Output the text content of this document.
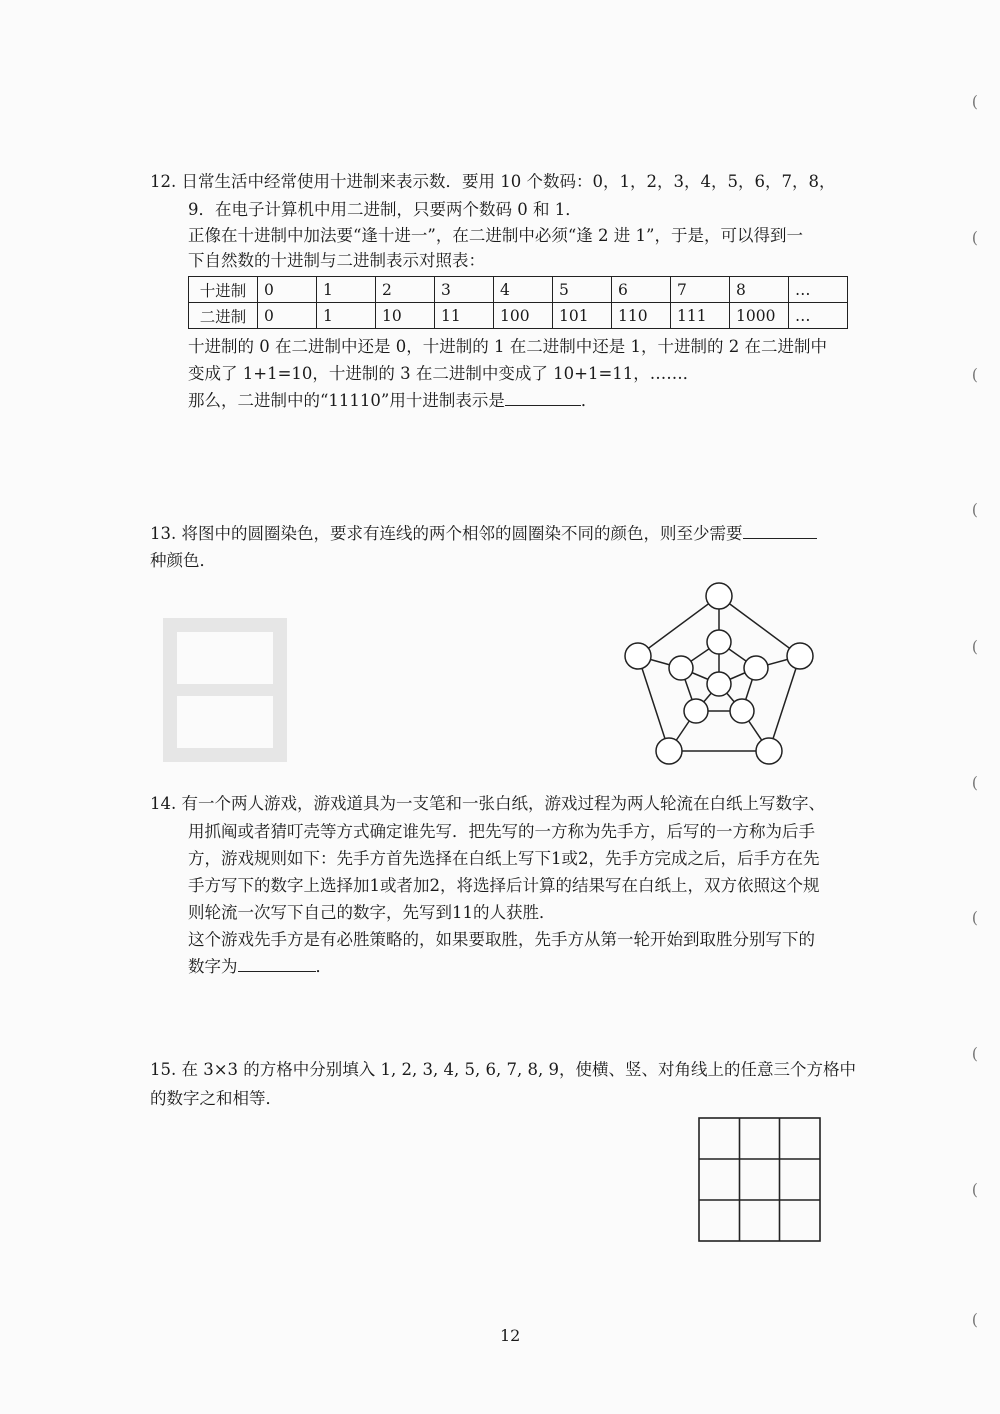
(
(
(
(
(
(
(
(
(
(
12. 日常生活中经常使用十进制来表示数．要用 10 个数码：0，1，2，3，4，5，6，7，8，
9．在电子计算机中用二进制，只要两个数码 0 和 1．
正像在十进制中加法要“逢十进一”，在二进制中必须“逢 2 进 1”，于是，可以得到一
下自然数的十进制与二进制表示对照表：
十进制	0	1	2	3	4	5	6	7	8	…
二进制	0	1	10	11	100	101	110	111	1000	…
十进制的 0 在二进制中还是 0，十进制的 1 在二进制中还是 1，十进制的 2 在二进制中
变成了 1+1=10，十进制的 3 在二进制中变成了 10+1=11，……．
那么，二进制中的“11110”用十进制表示是	．
13. 将图中的圆圈染色，要求有连线的两个相邻的圆圈染不同的颜色，则至少需要
种颜色．
14. 有一个两人游戏，游戏道具为一支笔和一张白纸，游戏过程为两人轮流在白纸上写数字、
用抓阄或者猜叮壳等方式确定谁先写．把先写的一方称为先手方，后写的一方称为后手
方，游戏规则如下：先手方首先选择在白纸上写下1或2，先手方完成之后，后手方在先
手方写下的数字上选择加1或者加2，将选择后计算的结果写在白纸上，双方依照这个规
则轮流一次写下自己的数字，先写到11的人获胜．
这个游戏先手方是有必胜策略的，如果要取胜，先手方从第一轮开始到取胜分别写下的
数字为	．
15. 在 3×3 的方格中分别填入 1, 2, 3, 4, 5, 6, 7, 8, 9，使横、竖、对角线上的任意三个方格中
的数字之和相等．
12
